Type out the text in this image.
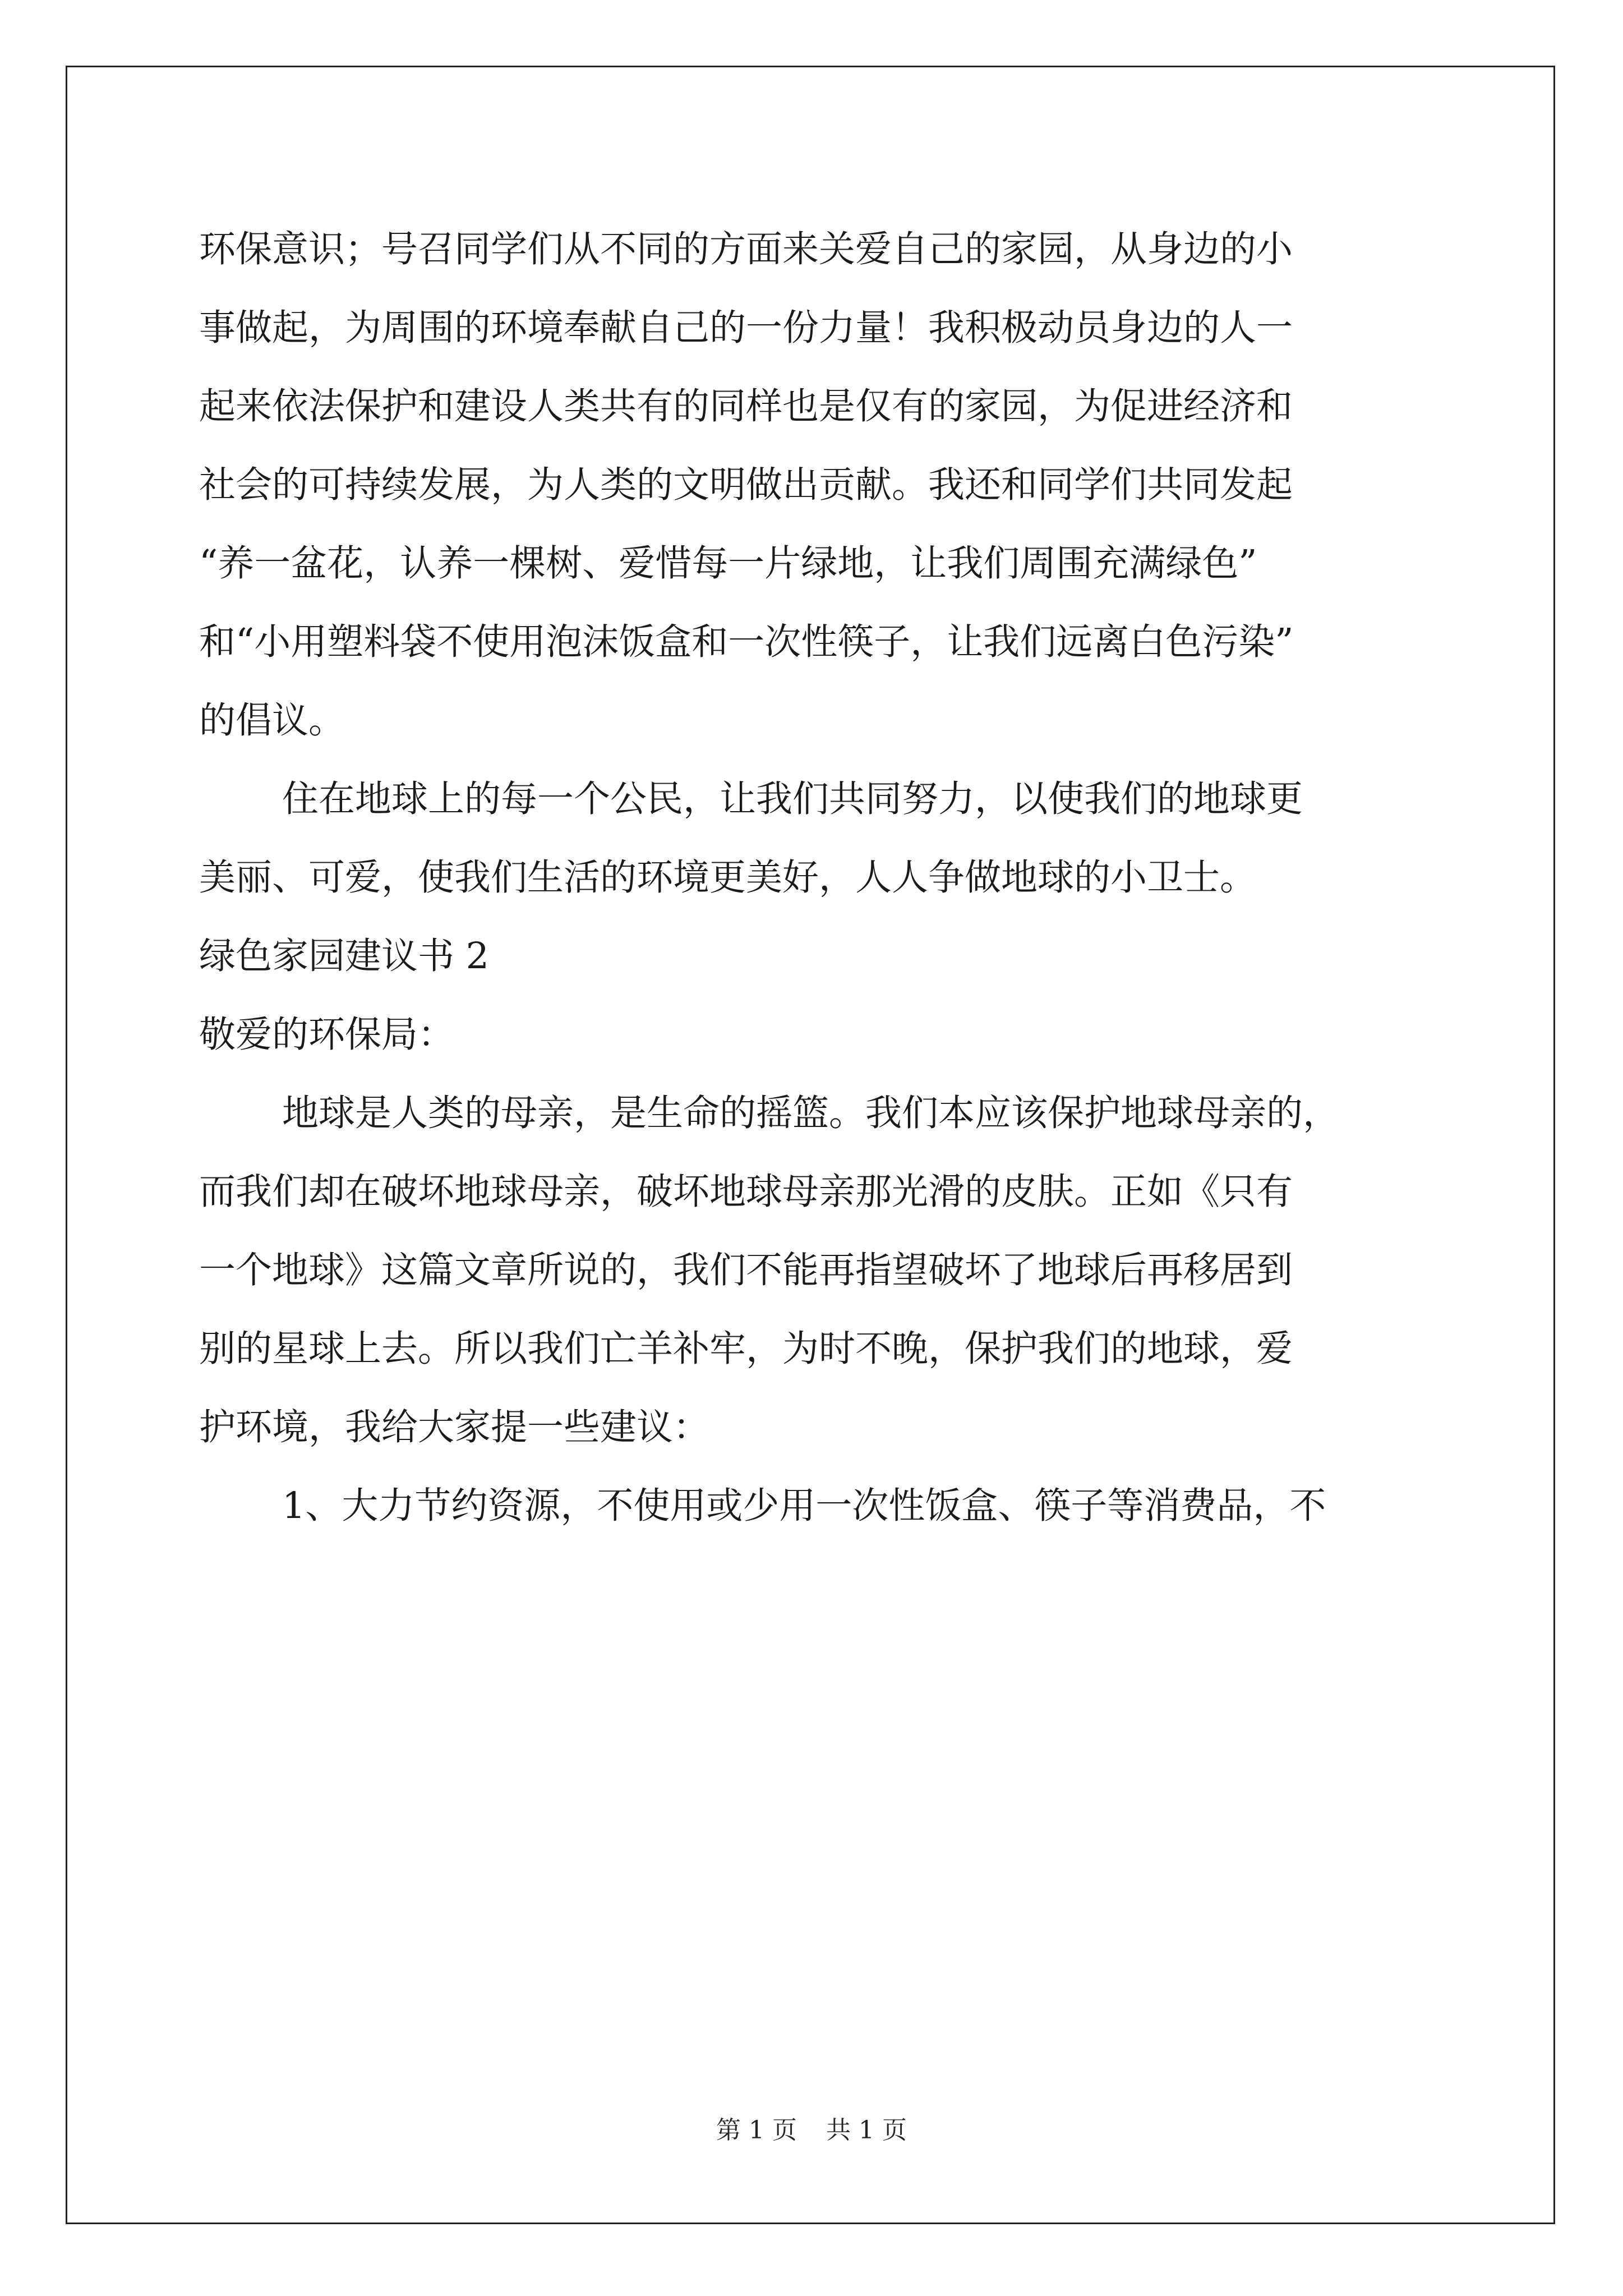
环保意识；号召同学们从不同的方面来关爱自己的家园，从身边的小
事做起，为周围的环境奉献自己的一份力量！我积极动员身边的人一
起来依法保护和建设人类共有的同样也是仅有的家园，为促进经济和
社会的可持续发展，为人类的文明做出贡献。我还和同学们共同发起
“养一盆花，认养一棵树、爱惜每一片绿地，让我们周围充满绿色”
和“小用塑料袋不使用泡沫饭盒和一次性筷子，让我们远离白色污染”
的倡议。
住在地球上的每一个公民，让我们共同努力，以使我们的地球更
美丽、可爱，使我们生活的环境更美好，人人争做地球的小卫士。
绿色家园建议书 2
敬爱的环保局：
地球是人类的母亲，是生命的摇篮。我们本应该保护地球母亲的，
而我们却在破坏地球母亲，破坏地球母亲那光滑的皮肤。正如《只有
一个地球》这篇文章所说的，我们不能再指望破坏了地球后再移居到
别的星球上去。所以我们亡羊补牢，为时不晚，保护我们的地球，爱
护环境，我给大家提一些建议：
1、大力节约资源，不使用或少用一次性饭盒、筷子等消费品，不
第 1 页 共 1 页
